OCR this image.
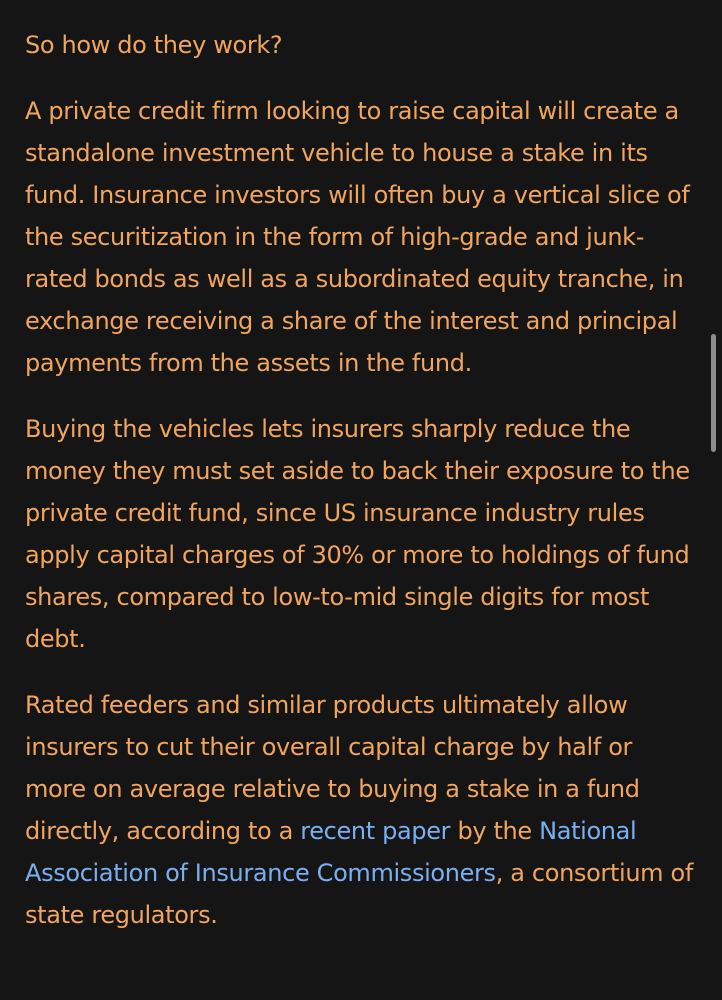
So how do they work?

A private credit firm looking to raise capital will create a standalone investment vehicle to house a stake in its fund. Insurance investors will often buy a vertical slice of the securitization in the form of high-grade and junk-rated bonds as well as a subordinated equity tranche, in exchange receiving a share of the interest and principal payments from the assets in the fund.

Buying the vehicles lets insurers sharply reduce the money they must set aside to back their exposure to the private credit fund, since US insurance industry rules apply capital charges of 30% or more to holdings of fund shares, compared to low-to-mid single digits for most debt.

Rated feeders and similar products ultimately allow insurers to cut their overall capital charge by half or more on average relative to buying a stake in a fund directly, according to a recent paper by the National Association of Insurance Commissioners, a consortium of state regulators.
